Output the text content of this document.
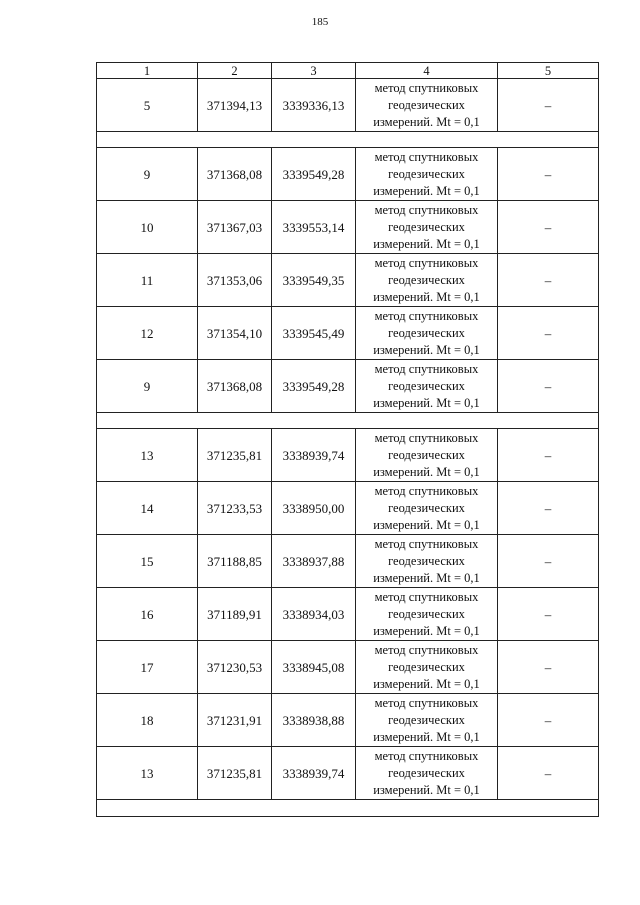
185
1	2	3	4	5
5	371394,13	3339336,13	метод спутниковых
геодезических
измерений. Mt = 0,1	–

9	371368,08	3339549,28	метод спутниковых
геодезических
измерений. Mt = 0,1	–
10	371367,03	3339553,14	метод спутниковых
геодезических
измерений. Mt = 0,1	–
11	371353,06	3339549,35	метод спутниковых
геодезических
измерений. Mt = 0,1	–
12	371354,10	3339545,49	метод спутниковых
геодезических
измерений. Mt = 0,1	–
9	371368,08	3339549,28	метод спутниковых
геодезических
измерений. Mt = 0,1	–

13	371235,81	3338939,74	метод спутниковых
геодезических
измерений. Mt = 0,1	–
14	371233,53	3338950,00	метод спутниковых
геодезических
измерений. Mt = 0,1	–
15	371188,85	3338937,88	метод спутниковых
геодезических
измерений. Mt = 0,1	–
16	371189,91	3338934,03	метод спутниковых
геодезических
измерений. Mt = 0,1	–
17	371230,53	3338945,08	метод спутниковых
геодезических
измерений. Mt = 0,1	–
18	371231,91	3338938,88	метод спутниковых
геодезических
измерений. Mt = 0,1	–
13	371235,81	3338939,74	метод спутниковых
геодезических
измерений. Mt = 0,1	–
